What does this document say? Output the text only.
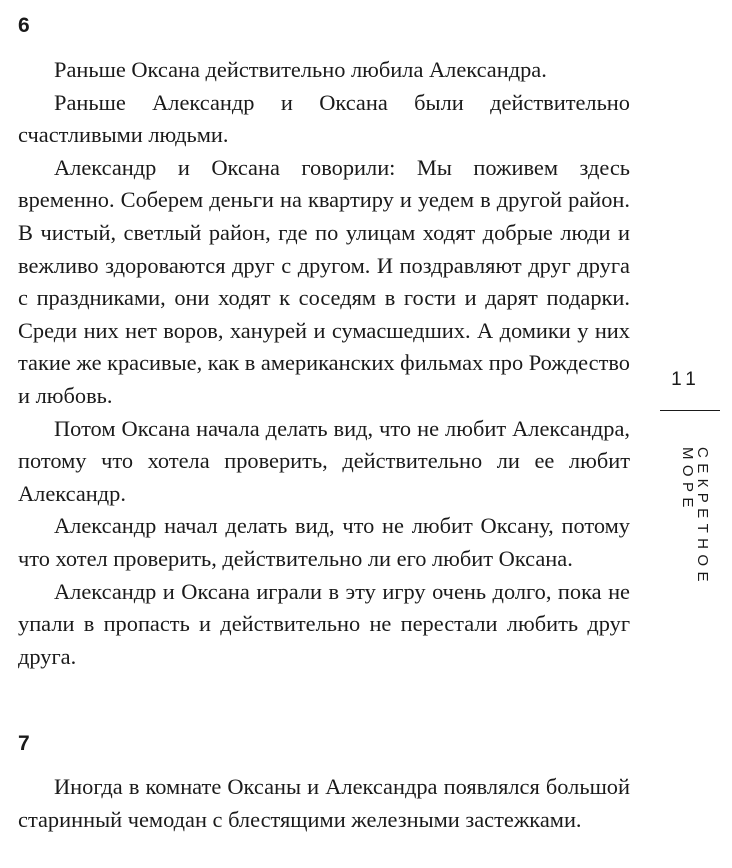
6

Раньше Оксана действительно любила Александра.

Раньше Александр и Оксана были действительно счастливыми людьми.

Александр и Оксана говорили: Мы поживем здесь временно. Соберем деньги на квартиру и уедем в другой район. В чистый, светлый район, где по улицам ходят добрые люди и вежливо здороваются друг с другом. И поздравляют друг друга с праздниками, они ходят к соседям в гости и дарят подарки. Среди них нет воров, ханурей и сумасшедших. А домики у них такие же красивые, как в американских фильмах про Рождество и любовь.

Потом Оксана начала делать вид, что не любит Александра, потому что хотела проверить, действительно ли ее любит Александр.

Александр начал делать вид, что не любит Оксану, потому что хотел проверить, действительно ли его любит Оксана.

Александр и Оксана играли в эту игру очень долго, пока не упали в пропасть и действительно не перестали любить друг друга.

7

Иногда в комнате Оксаны и Александра появлялся большой старинный чемодан с блестящими железными застежками.

11
СЕКРЕТНОЕ МОРЕ
